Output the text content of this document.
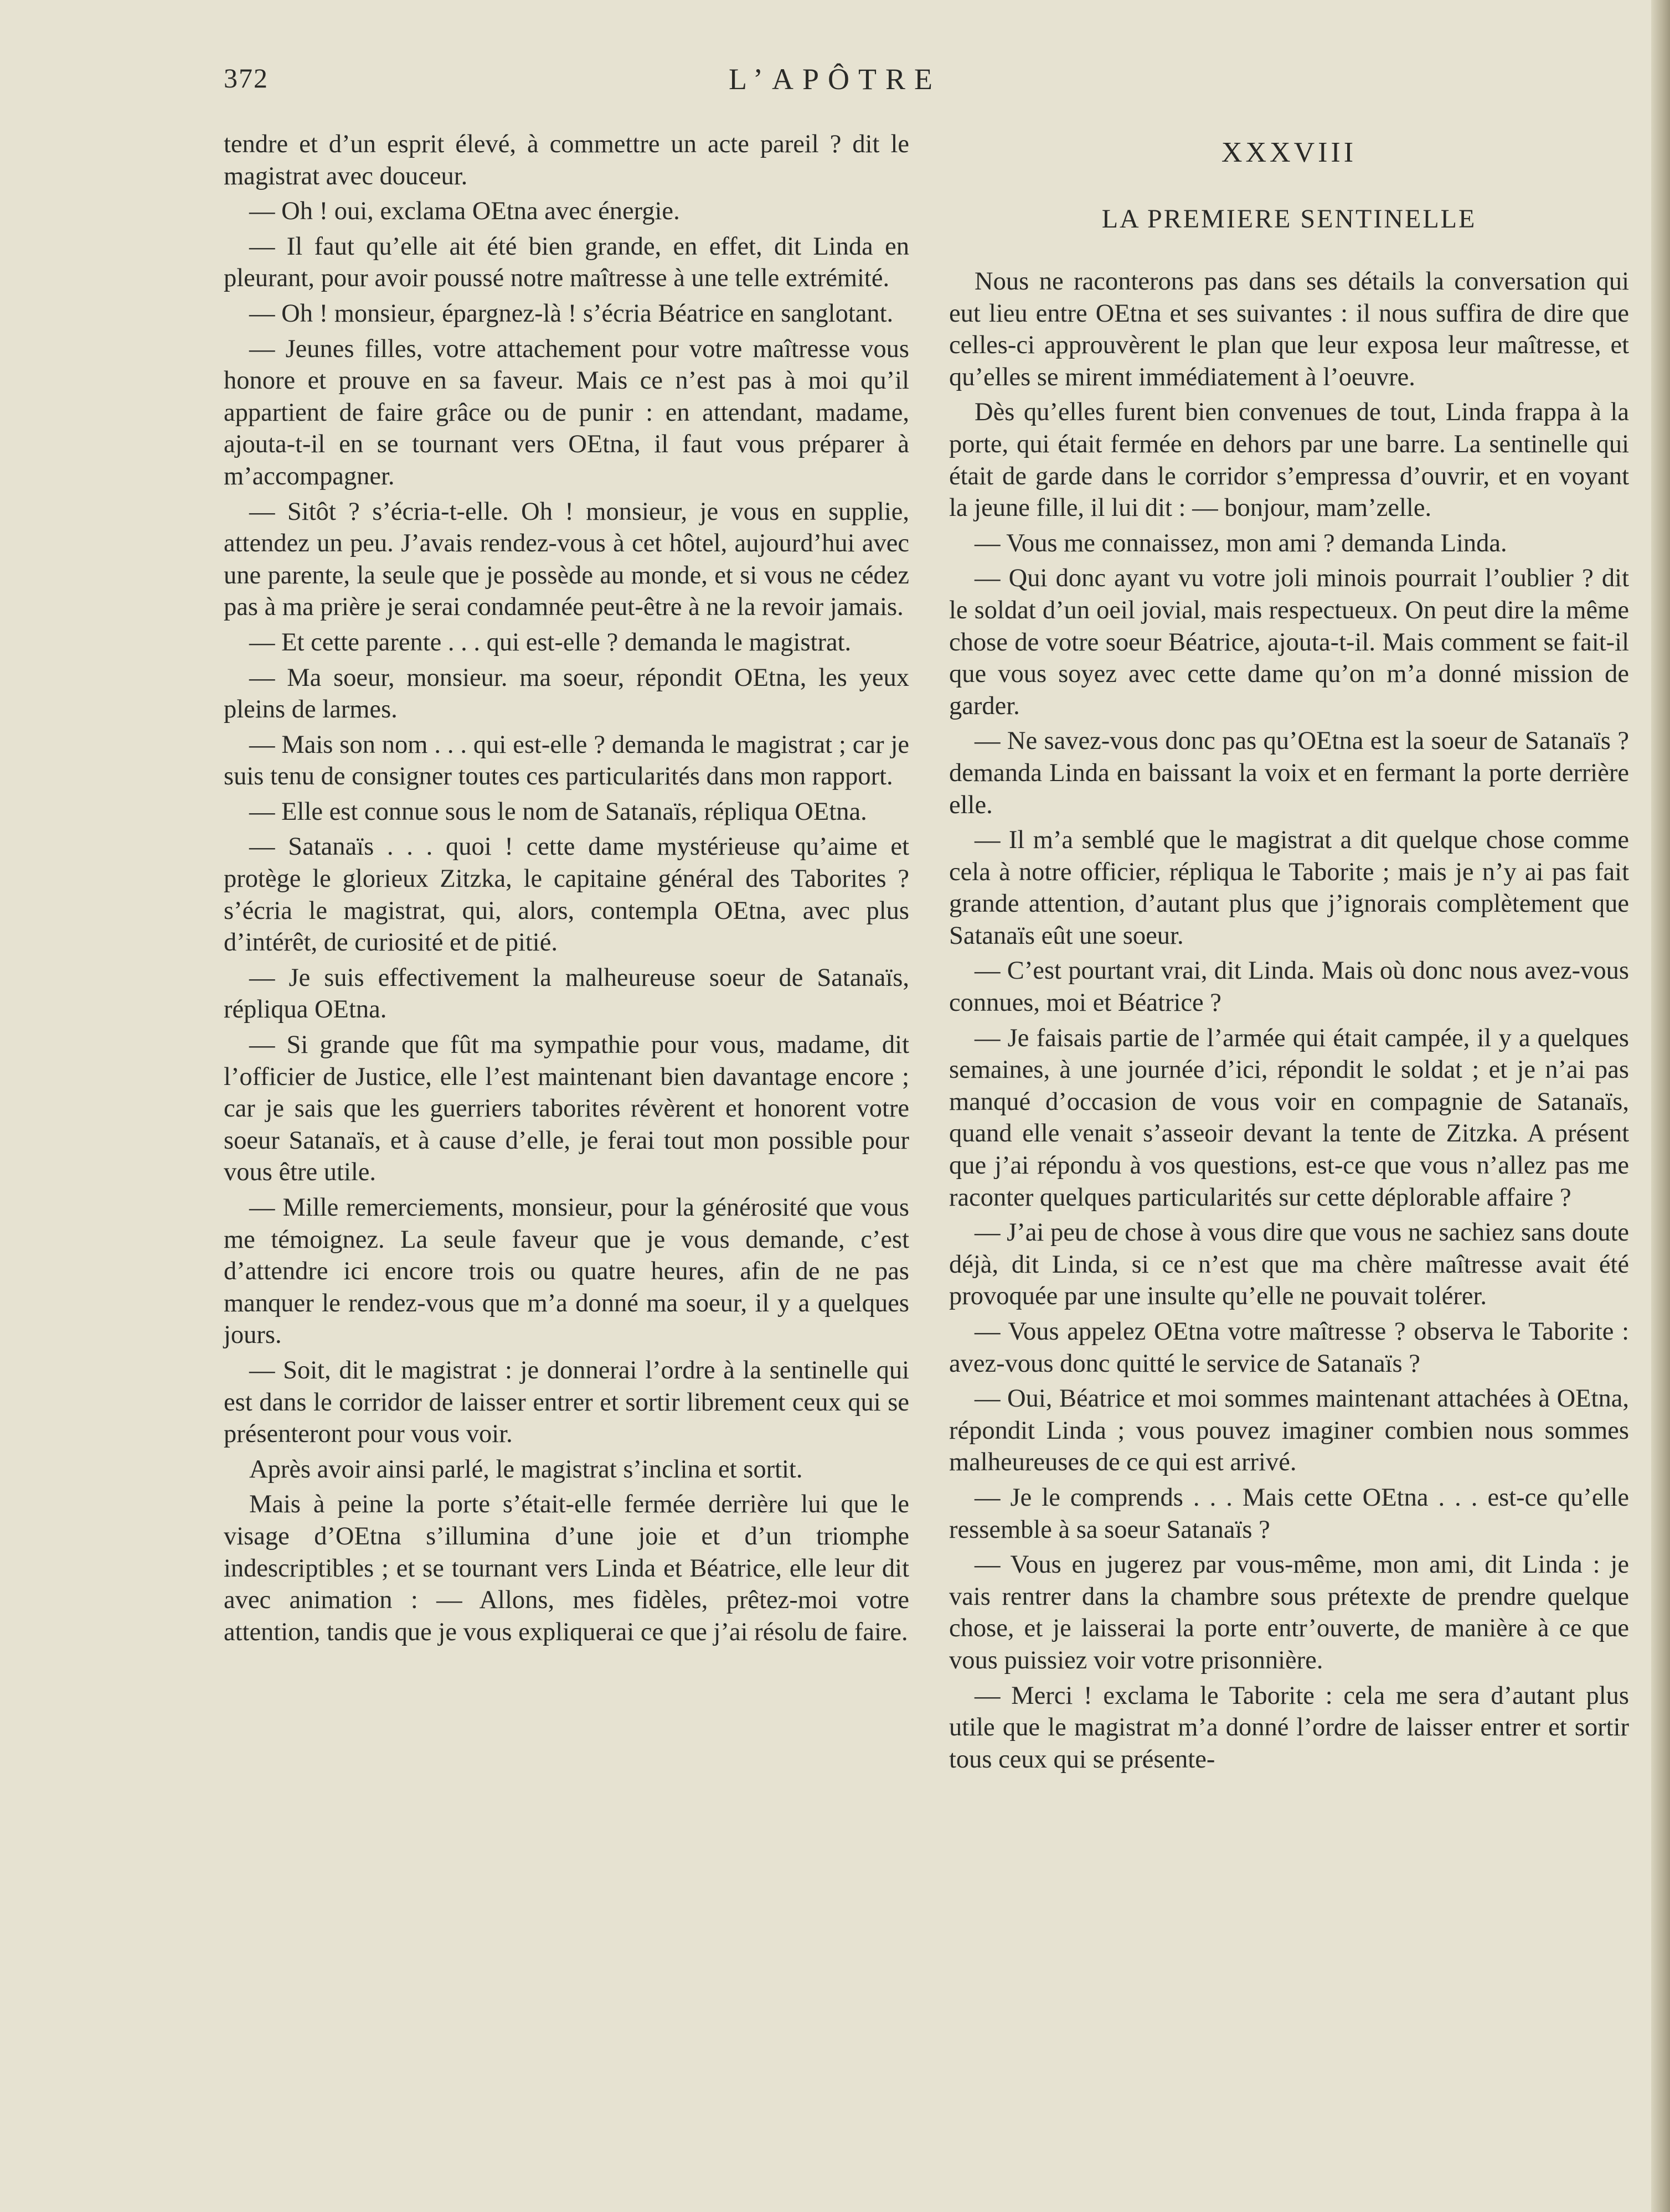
372	L’APÔTRE

tendre et d’un esprit élevé, à commettre un acte pareil ? dit le magistrat avec douceur.

— Oh ! oui, exclama OEtna avec énergie.

— Il faut qu’elle ait été bien grande, en effet, dit Linda en pleurant, pour avoir poussé notre maîtresse à une telle extrémité.

— Oh ! monsieur, épargnez-là ! s’écria Béatrice en sanglotant.

— Jeunes filles, votre attachement pour votre maîtresse vous honore et prouve en sa faveur. Mais ce n’est pas à moi qu’il appartient de faire grâce ou de punir : en attendant, madame, ajouta-t-il en se tournant vers OEtna, il faut vous préparer à m’accompagner.

— Sitôt ? s’écria-t-elle. Oh ! monsieur, je vous en supplie, attendez un peu. J’avais rendez-vous à cet hôtel, aujourd’hui avec une parente, la seule que je possède au monde, et si vous ne cédez pas à ma prière je serai condamnée peut-être à ne la revoir jamais.

— Et cette parente . . . qui est-elle ? demanda le magistrat.

— Ma soeur, monsieur. ma soeur, répondit OEtna, les yeux pleins de larmes.

— Mais son nom . . . qui est-elle ? demanda le magistrat ; car je suis tenu de consigner toutes ces particularités dans mon rapport.

— Elle est connue sous le nom de Satanaïs, répliqua OEtna.

— Satanaïs . . . quoi ! cette dame mystérieuse qu’aime et protège le glorieux Zitzka, le capitaine général des Taborites ? s’écria le magistrat, qui, alors, contempla OEtna, avec plus d’intérêt, de curiosité et de pitié.

— Je suis effectivement la malheureuse soeur de Satanaïs, répliqua OEtna.

— Si grande que fût ma sympathie pour vous, madame, dit l’officier de Justice, elle l’est maintenant bien davantage encore ; car je sais que les guerriers taborites révèrent et honorent votre soeur Satanaïs, et à cause d’elle, je ferai tout mon possible pour vous être utile.

— Mille remerciements, monsieur, pour la générosité que vous me témoignez. La seule faveur que je vous demande, c’est d’attendre ici encore trois ou quatre heures, afin de ne pas manquer le rendez-vous que m’a donné ma soeur, il y a quelques jours.

— Soit, dit le magistrat : je donnerai l’ordre à la sentinelle qui est dans le corridor de laisser entrer et sortir librement ceux qui se présenteront pour vous voir.

Après avoir ainsi parlé, le magistrat s’inclina et sortit.

Mais à peine la porte s’était-elle fermée derrière lui que le visage d’OEtna s’illumina d’une joie et d’un triomphe indescriptibles ; et se tournant vers Linda et Béatrice, elle leur dit avec animation : — Allons, mes fidèles, prêtez-moi votre attention, tandis que je vous expliquerai ce que j’ai résolu de faire.

XXXVIII
LA PREMIERE SENTINELLE

Nous ne raconterons pas dans ses détails la conversation qui eut lieu entre OEtna et ses suivantes : il nous suffira de dire que celles-ci approuvèrent le plan que leur exposa leur maîtresse, et qu’elles se mirent immédiatement à l’oeuvre.

Dès qu’elles furent bien convenues de tout, Linda frappa à la porte, qui était fermée en dehors par une barre. La sentinelle qui était de garde dans le corridor s’empressa d’ouvrir, et en voyant la jeune fille, il lui dit : — bonjour, mam’zelle.

— Vous me connaissez, mon ami ? demanda Linda.

— Qui donc ayant vu votre joli minois pourrait l’oublier ? dit le soldat d’un oeil jovial, mais respectueux. On peut dire la même chose de votre soeur Béatrice, ajouta-t-il. Mais comment se fait-il que vous soyez avec cette dame qu’on m’a donné mission de garder.

— Ne savez-vous donc pas qu’OEtna est la soeur de Satanaïs ? demanda Linda en baissant la voix et en fermant la porte derrière elle.

— Il m’a semblé que le magistrat a dit quelque chose comme cela à notre officier, répliqua le Taborite ; mais je n’y ai pas fait grande attention, d’autant plus que j’ignorais complètement que Satanaïs eût une soeur.

— C’est pourtant vrai, dit Linda. Mais où donc nous avez-vous connues, moi et Béatrice ?

— Je faisais partie de l’armée qui était campée, il y a quelques semaines, à une journée d’ici, répondit le soldat ; et je n’ai pas manqué d’occasion de vous voir en compagnie de Satanaïs, quand elle venait s’asseoir devant la tente de Zitzka. A présent que j’ai répondu à vos questions, est-ce que vous n’allez pas me raconter quelques particularités sur cette déplorable affaire ?

— J’ai peu de chose à vous dire que vous ne sachiez sans doute déjà, dit Linda, si ce n’est que ma chère maîtresse avait été provoquée par une insulte qu’elle ne pouvait tolérer.

— Vous appelez OEtna votre maîtresse ? observa le Taborite : avez-vous donc quitté le service de Satanaïs ?

— Oui, Béatrice et moi sommes maintenant attachées à OEtna, répondit Linda ; vous pouvez imaginer combien nous sommes malheureuses de ce qui est arrivé.

— Je le comprends . . . Mais cette OEtna . . . est-ce qu’elle ressemble à sa soeur Satanaïs ?

— Vous en jugerez par vous-même, mon ami, dit Linda : je vais rentrer dans la chambre sous prétexte de prendre quelque chose, et je laisserai la porte entr’ouverte, de manière à ce que vous puissiez voir votre prisonnière.

— Merci ! exclama le Taborite : cela me sera d’autant plus utile que le magistrat m’a donné l’ordre de laisser entrer et sortir tous ceux qui se présente-
